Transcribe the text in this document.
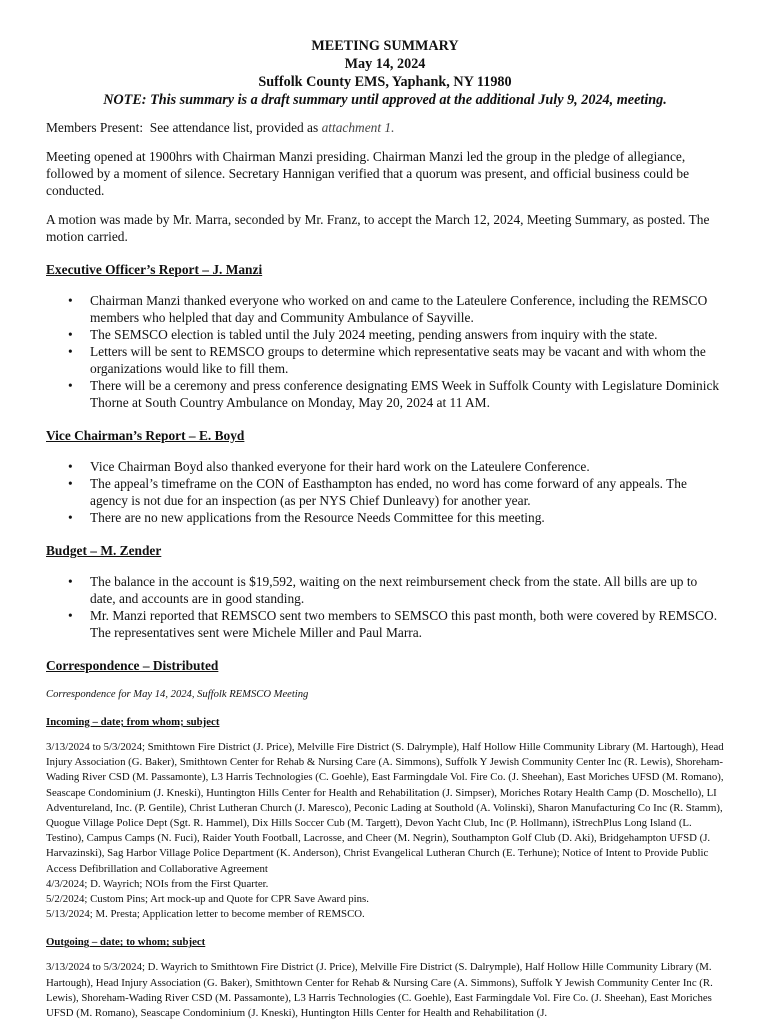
MEETING SUMMARY
May 14, 2024
Suffolk County EMS, Yaphank, NY 11980
NOTE: This summary is a draft summary until approved at the additional July 9, 2024, meeting.

Members Present: See attendance list, provided as attachment 1.

Meeting opened at 1900hrs with Chairman Manzi presiding. Chairman Manzi led the group in the pledge of allegiance, followed by a moment of silence. Secretary Hannigan verified that a quorum was present, and official business could be conducted.

A motion was made by Mr. Marra, seconded by Mr. Franz, to accept the March 12, 2024, Meeting Summary, as posted. The motion carried.

Executive Officer’s Report – J. Manzi
• Chairman Manzi thanked everyone who worked on and came to the Lateulere Conference, including the REMSCO members who helpled that day and Community Ambulance of Sayville.
• The SEMSCO election is tabled until the July 2024 meeting, pending answers from inquiry with the state.
• Letters will be sent to REMSCO groups to determine which representative seats may be vacant and with whom the organizations would like to fill them.
• There will be a ceremony and press conference designating EMS Week in Suffolk County with Legislature Dominick Thorne at South Country Ambulance on Monday, May 20, 2024 at 11 AM.
Vice Chairman’s Report – E. Boyd
• Vice Chairman Boyd also thanked everyone for their hard work on the Lateulere Conference.
• The appeal’s timeframe on the CON of Easthampton has ended, no word has come forward of any appeals. The agency is not due for an inspection (as per NYS Chief Dunleavy) for another year.
• There are no new applications from the Resource Needs Committee for this meeting.
Budget – M. Zender
• The balance in the account is $19,592, waiting on the next reimbursement check from the state. All bills are up to date, and accounts are in good standing.
• Mr. Manzi reported that REMSCO sent two members to SEMSCO this past month, both were covered by REMSCO. The representatives sent were Michele Miller and Paul Marra.
Correspondence – Distributed
Correspondence for May 14, 2024, Suffolk REMSCO Meeting
Incoming – date; from whom; subject

3/13/2024 to 5/3/2024; Smithtown Fire District (J. Price), Melville Fire District (S. Dalrymple), Half Hollow Hille Community Library (M. Hartough), Head Injury Association (G. Baker), Smithtown Center for Rehab & Nursing Care (A. Simmons), Suffolk Y Jewish Community Center Inc (R. Lewis), Shoreham-Wading River CSD (M. Passamonte), L3 Harris Technologies (C. Goehle), East Farmingdale Vol. Fire Co. (J. Sheehan), East Moriches UFSD (M. Romano), Seascape Condominium (J. Kneski), Huntington Hills Center for Health and Rehabilitation (J. Simpser), Moriches Rotary Health Camp (D. Moschello), LI Adventureland, Inc. (P. Gentile), Christ Lutheran Church (J. Maresco), Peconic Lading at Southold (A. Volinski), Sharon Manufacturing Co Inc (R. Stamm), Quogue Village Police Dept (Sgt. R. Hammel), Dix Hills Soccer Cub (M. Targett), Devon Yacht Club, Inc (P. Hollmann), iStrechPlus Long Island (L. Testino), Campus Camps (N. Fuci), Raider Youth Football, Lacrosse, and Cheer (M. Negrin), Southampton Golf Club (D. Aki), Bridgehampton UFSD (J. Harvazinski), Sag Harbor Village Police Department (K. Anderson), Christ Evangelical Lutheran Church (E. Terhune); Notice of Intent to Provide Public Access Defibrillation and Collaborative Agreement

4/3/2024; D. Wayrich; NOIs from the First Quarter.

5/2/2024; Custom Pins; Art mock-up and Quote for CPR Save Award pins.

5/13/2024; M. Presta; Application letter to become member of REMSCO.

Outgoing – date; to whom; subject

3/13/2024 to 5/3/2024; D. Wayrich to Smithtown Fire District (J. Price), Melville Fire District (S. Dalrymple), Half Hollow Hille Community Library (M. Hartough), Head Injury Association (G. Baker), Smithtown Center for Rehab & Nursing Care (A. Simmons), Suffolk Y Jewish Community Center Inc (R. Lewis), Shoreham-Wading River CSD (M. Passamonte), L3 Harris Technologies (C. Goehle), East Farmingdale Vol. Fire Co. (J. Sheehan), East Moriches UFSD (M. Romano), Seascape Condominium (J. Kneski), Huntington Hills Center for Health and Rehabilitation (J.
